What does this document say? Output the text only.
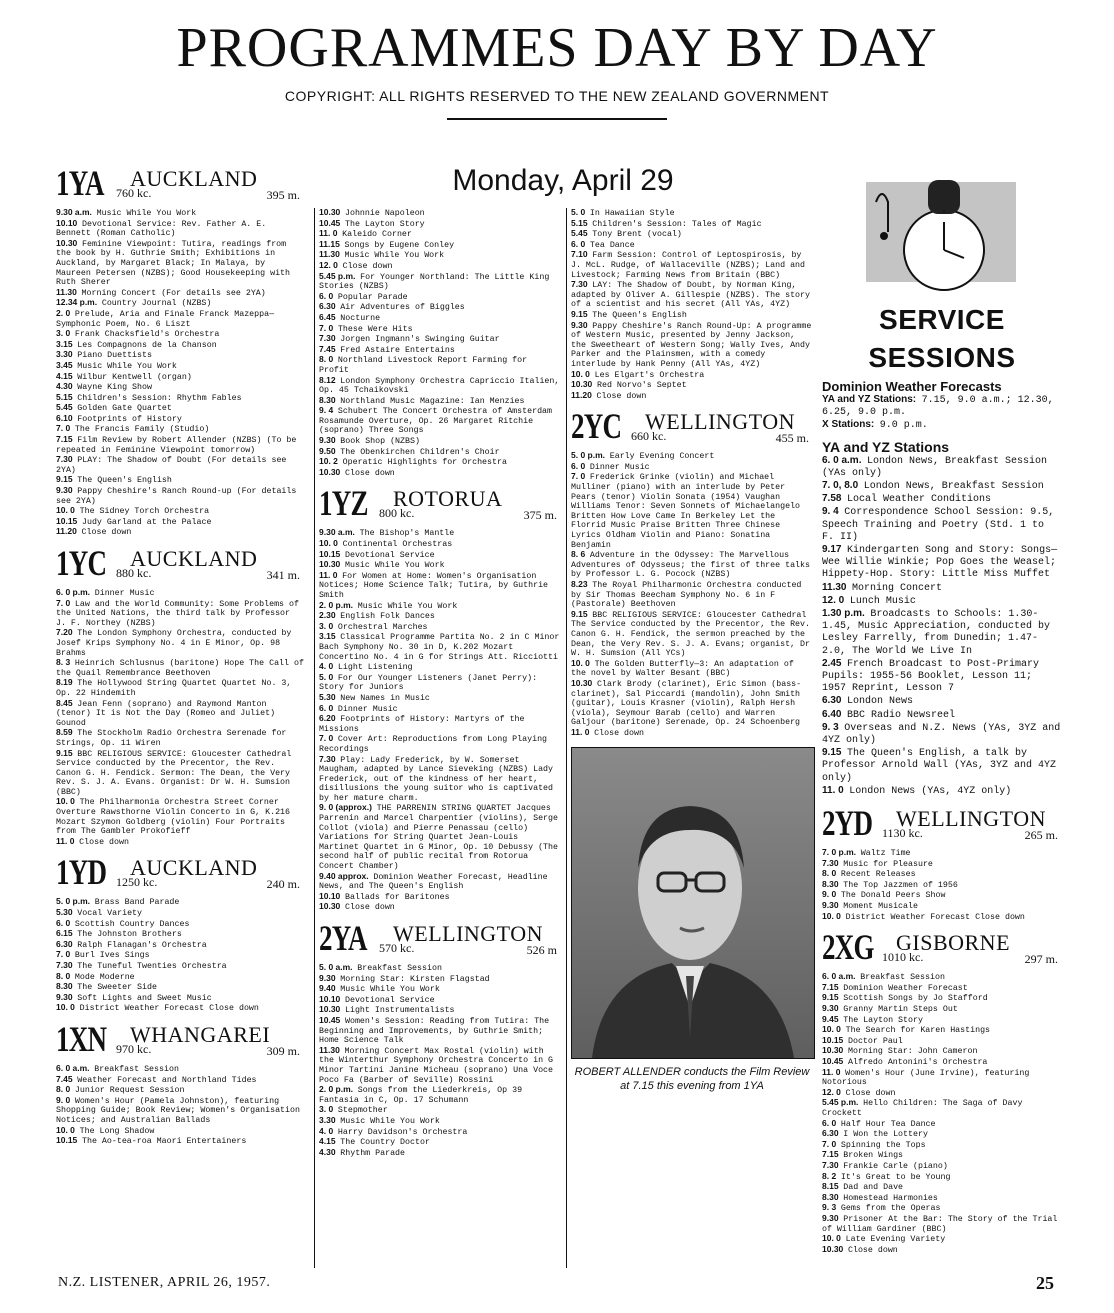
PROGRAMMES DAY BY DAY
COPYRIGHT: ALL RIGHTS RESERVED TO THE NEW ZEALAND GOVERNMENT
1YA AUCKLAND
760 kc.	395 m.
9.30 a.m.  Music While You Work
10.10  Devotional Service: Rev. Father A. E. Bennett (Roman Catholic)
10.30  Feminine Viewpoint: Tutira, readings from the book by H. Guthrie Smith; Exhibitions in Auckland, by Margaret Black; In Malaya, by Maureen Petersen (NZBS); Good Housekeeping with Ruth Sherer
11.30  Morning Concert (For details see 2YA)
12.34 p.m.  Country Journal (NZBS)
2. 0  Prelude, Aria and Finale Franck Mazeppa—Symphonic Poem, No. 6 Liszt
3. 0  Frank Chacksfield's Orchestra
3.15  Les Compagnons de la Chanson
3.30  Piano Duettists
3.45  Music While You Work
4.15  Wilbur Kentwell (organ)
4.30  Wayne King Show
5.15  Children's Session: Rhythm Fables
5.45  Golden Gate Quartet
6.10  Footprints of History
7. 0  The Francis Family (Studio)
7.15  Film Review by Robert Allender (NZBS) (To be repeated in Feminine Viewpoint tomorrow)
7.30  PLAY: The Shadow of Doubt (For details see 2YA)
9.15  The Queen's English
9.30  Pappy Cheshire's Ranch Round-up (For details see 2YA)
10. 0  The Sidney Torch Orchestra
10.15  Judy Garland at the Palace
11.20  Close down
1YC AUCKLAND
880 kc.	341 m.
6. 0 p.m.  Dinner Music
7. 0  Law and the World Community: Some Problems of the United Nations, the third talk by Professor J. F. Northey (NZBS)
7.20  The London Symphony Orchestra, conducted by Josef Krips Symphony No. 4 in E Minor, Op. 98 Brahms
8. 3  Heinrich Schlusnus (baritone) Hope The Call of the Quail Remembrance Beethoven
8.19  The Hollywood String Quartet Quartet No. 3, Op. 22 Hindemith
8.45  Jean Fenn (soprano) and Raymond Manton (tenor) It is Not the Day (Romeo and Juliet) Gounod
8.59  The Stockholm Radio Orchestra Serenade for Strings, Op. 11 Wiren
9.15  BBC RELIGIOUS SERVICE: Gloucester Cathedral Service conducted by the Precentor, the Rev. Canon G. H. Fendick. Sermon: The Dean, the Very Rev. S. J. A. Evans. Organist: Dr W. H. Sumsion (BBC)
10. 0  The Philharmonia Orchestra Street Corner Overture Rawsthorne Violin Concerto in G, K.216 Mozart Szymon Goldberg (violin) Four Portraits from The Gambler Prokofieff
11. 0  Close down
1YD AUCKLAND
1250 kc.	240 m.
5. 0 p.m.  Brass Band Parade
5.30  Vocal Variety
6. 0  Scottish Country Dances
6.15  The Johnston Brothers
6.30  Ralph Flanagan's Orchestra
7. 0  Burl Ives Sings
7.30  The Tuneful Twenties Orchestra
8. 0  Mode Moderne
8.30  The Sweeter Side
9.30  Soft Lights and Sweet Music
10. 0  District Weather Forecast Close down
1XN WHANGAREI
970 kc.	309 m.
6. 0 a.m.  Breakfast Session
7.45  Weather Forecast and Northland Tides
8. 0  Junior Request Session
9. 0  Women's Hour (Pamela Johnston), featuring Shopping Guide; Book Review; Women's Organisation Notices; and Australian Ballads
10. 0  The Long Shadow
10.15  The Ao-tea-roa Maori Entertainers
Monday, April 29
10.30  Johnnie Napoleon
10.45  The Layton Story
11. 0  Kaleido Corner
11.15  Songs by Eugene Conley
11.30  Music While You Work
12. 0  Close down
5.45 p.m.  For Younger Northland: The Little King Stories (NZBS)
6. 0  Popular Parade
6.30  Air Adventures of Biggles
6.45  Nocturne
7. 0  These Were Hits
7.30  Jorgen Ingmann's Swinging Guitar
7.45  Fred Astaire Entertains
8. 0  Northland Livestock Report Farming for Profit
8.12  London Symphony Orchestra Capriccio Italien, Op. 45 Tchaikovski
8.30  Northland Music Magazine: Ian Menzies
9. 4  Schubert The Concert Orchestra of Amsterdam Rosamunde Overture, Op. 26 Margaret Ritchie (soprano) Three Songs
9.30  Book Shop (NZBS)
9.50  The Obenkirchen Children's Choir
10. 2  Operatic Highlights for Orchestra
10.30  Close down
1YZ ROTORUA
800 kc.	375 m.
9.30 a.m.  The Bishop's Mantle
10. 0  Continental Orchestras
10.15  Devotional Service
10.30  Music While You Work
11. 0  For Women at Home: Women's Organisation Notices; Home Science Talk; Tutira, by Guthrie Smith
2. 0 p.m.  Music While You Work
2.30  English Folk Dances
3. 0  Orchestral Marches
3.15  Classical Programme Partita No. 2 in C Minor Bach Symphony No. 30 in D, K.202 Mozart Concertino No. 4 in G for Strings Att. Ricciotti
4. 0  Light Listening
5. 0  For Our Younger Listeners (Janet Perry): Story for Juniors
5.30  New Names in Music
6. 0  Dinner Music
6.20  Footprints of History: Martyrs of the Missions
7. 0  Cover Art: Reproductions from Long Playing Recordings
7.30  Play: Lady Frederick, by W. Somerset Maugham, adapted by Lance Sieveking (NZBS) Lady Frederick, out of the kindness of her heart, disillusions the young suitor who is captivated by her mature charm.
9. 0 (approx.)  THE PARRENIN STRING QUARTET Jacques Parrenin and Marcel Charpentier (violins), Serge Collot (viola) and Pierre Penassau (cello) Variations for String Quartet Jean-Louis Martinet Quartet in G Minor, Op. 10 Debussy (The second half of public recital from Rotorua Concert Chamber)
9.40 approx.  Dominion Weather Forecast, Headline News, and The Queen's English
10.10  Ballads for Baritones
10.30  Close down
2YA WELLINGTON
570 kc.	526 m
5. 0 a.m.  Breakfast Session
9.30  Morning Star: Kirsten Flagstad
9.40  Music While You Work
10.10  Devotional Service
10.30  Light Instrumentalists
10.45  Women's Session: Reading from Tutira: The Beginning and Improvements, by Guthrie Smith; Home Science Talk
11.30  Morning Concert Max Rostal (violin) with the Winterthur Symphony Orchestra Concerto in G Minor Tartini Janine Micheau (soprano) Una Voce Poco Fa (Barber of Seville) Rossini
2. 0 p.m.  Songs from the Liederkreis, Op 39 Fantasia in C, Op. 17 Schumann
3. 0  Stepmother
3.30  Music While You Work
4. 0  Harry Davidson's Orchestra
4.15  The Country Doctor
4.30  Rhythm Parade
5. 0  In Hawaiian Style
5.15  Children's Session: Tales of Magic
5.45  Tony Brent (vocal)
6. 0  Tea Dance
7.10  Farm Session: Control of Leptospirosis, by J. McL. Rudge, of Wallaceville (NZBS); Land and Livestock; Farming News from Britain (BBC)
7.30  LAY: The Shadow of Doubt, by Norman King, adapted by Oliver A. Gillespie (NZBS). The story of a scientist and his secret (All YAs, 4YZ)
9.15  The Queen's English
9.30  Pappy Cheshire's Ranch Round-Up: A programme of Western Music, presented by Jenny Jackson, the Sweetheart of Western Song; Wally Ives, Andy Parker and the Plainsmen, with a comedy interlude by Hank Penny (All YAs, 4YZ)
10. 0  Les Elgart's Orchestra
10.30  Red Norvo's Septet
11.20  Close down
2YC WELLINGTON
660 kc.	455 m.
5. 0 p.m.  Early Evening Concert
6. 0  Dinner Music
7. 0  Frederick Grinke (violin) and Michael Mulliner (piano) with an interlude by Peter Pears (tenor) Violin Sonata (1954) Vaughan Williams Tenor: Seven Sonnets of Michaelangelo Britten How Love Came In Berkeley Let the Florrid Music Praise Britten Three Chinese Lyrics Oldham Violin and Piano: Sonatina Benjamin
8. 6  Adventure in the Odyssey: The Marvellous Adventures of Odysseus; the first of three talks by Professor L. G. Pocock (NZBS)
8.23  The Royal Philharmonic Orchestra conducted by Sir Thomas Beecham Symphony No. 6 in F (Pastorale) Beethoven
9.15  BBC RELIGIOUS SERVICE: Gloucester Cathedral The Service conducted by the Precentor, the Rev. Canon G. H. Fendick, the sermon preached by the Dean, the Very Rev. S. J. A. Evans; organist, Dr W. H. Sumsion (All YCs)
10. 0  The Golden Butterfly—3: An adaptation of the novel by Walter Besant (BBC)
10.30  Clark Brody (clarinet), Eric Simon (bass-clarinet), Sal Piccardi (mandolin), John Smith (guitar), Louis Krasner (violin), Ralph Hersh (viola), Seymour Barab (cello) and Warren Galjour (baritone) Serenade, Op. 24 Schoenberg
11. 0  Close down
ROBERT ALLENDER conducts the Film Review at 7.15 this evening from 1YA
SERVICE
SESSIONS
Dominion Weather Forecasts
YA and YZ Stations:  7.15, 9.0 a.m.; 12.30, 6.25, 9.0 p.m.
X Stations:  9.0 p.m.
YA and YZ Stations
6. 0 a.m.  London News, Breakfast Session (YAs only)
7. 0, 8.0  London News, Breakfast Session
7.58  Local Weather Conditions
9. 4  Correspondence School Session: 9.5, Speech Training and Poetry (Std. 1 to F. II)
9.17  Kindergarten Song and Story: Songs—Wee Willie Winkie; Pop Goes the Weasel; Hippety-Hop. Story: Little Miss Muffet
11.30  Morning Concert
12. 0  Lunch Music
1.30 p.m.  Broadcasts to Schools: 1.30-1.45, Music Appreciation, conducted by Lesley Farrelly, from Dunedin; 1.47-2.0, The World We Live In
2.45  French Broadcast to Post-Primary Pupils: 1955-56 Booklet, Lesson 11; 1957 Reprint, Lesson 7
6.30  London News
6.40  BBC Radio Newsreel
9. 3  Overseas and N.Z. News (YAs, 3YZ and 4YZ only)
9.15  The Queen's English, a talk by Professor Arnold Wall (YAs, 3YZ and 4YZ only)
11. 0  London News (YAs, 4YZ only)
2YD WELLINGTON
1130 kc.	265 m.
7. 0 p.m.  Waltz Time
7.30  Music for Pleasure
8. 0  Recent Releases
8.30  The Top Jazzmen of 1956
9. 0  The Donald Peers Show
9.30  Moment Musicale
10. 0  District Weather Forecast Close down
2XG GISBORNE
1010 kc.	297 m.
6. 0 a.m.  Breakfast Session
7.15  Dominion Weather Forecast
9.15  Scottish Songs by Jo Stafford
9.30  Granny Martin Steps Out
9.45  The Layton Story
10. 0  The Search for Karen Hastings
10.15  Doctor Paul
10.30  Morning Star: John Cameron
10.45  Alfredo Antonini's Orchestra
11. 0  Women's Hour (June Irvine), featuring Notorious
12. 0  Close down
5.45 p.m.  Hello Children: The Saga of Davy Crockett
6. 0  Half Hour Tea Dance
6.30  I Won the Lottery
7. 0  Spinning the Tops
7.15  Broken Wings
7.30  Frankie Carle (piano)
8. 2  It's Great to be Young
8.15  Dad and Dave
8.30  Homestead Harmonies
9. 3  Gems from the Operas
9.30  Prisoner At the Bar: The Story of the Trial of William Gardiner (BBC)
10. 0  Late Evening Variety
10.30  Close down
N.Z. LISTENER, APRIL 26, 1957.	25
